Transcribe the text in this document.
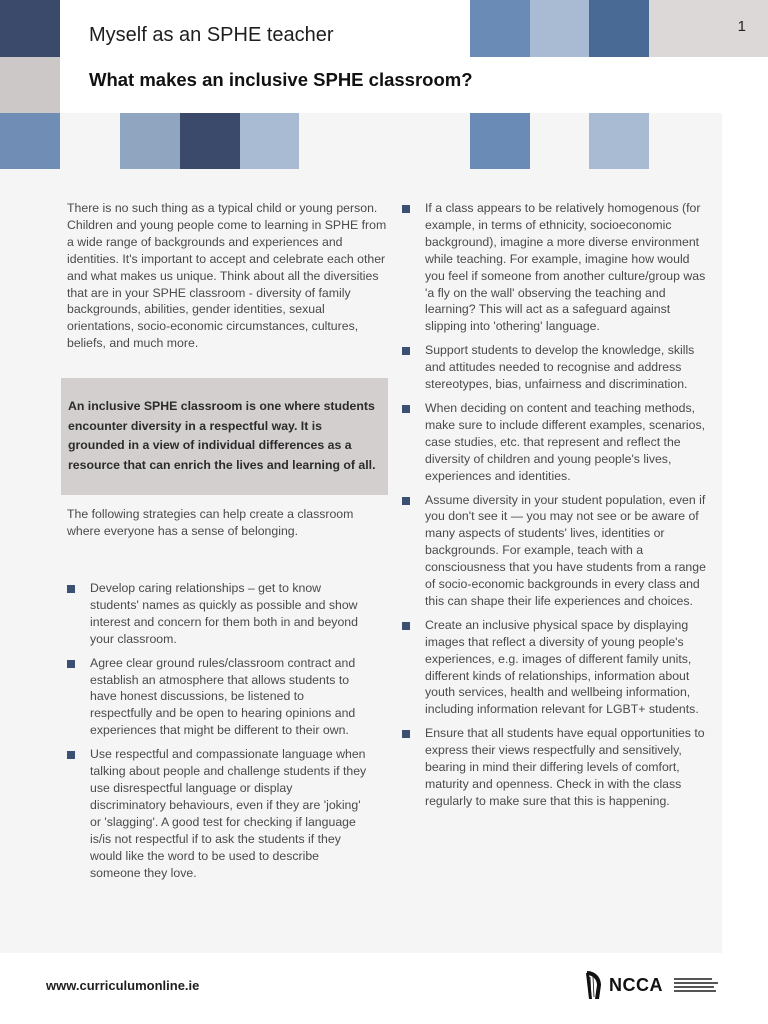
1
Myself as an SPHE teacher
What makes an inclusive SPHE classroom?

There is no such thing as a typical child or young person. Children and young people come to learning in SPHE from a wide range of backgrounds and experiences and identities. It's important to accept and celebrate each other and what makes us unique. Think about all the diversities that are in your SPHE classroom - diversity of family backgrounds, abilities, gender identities, sexual orientations, socio-economic circumstances, cultures, beliefs, and much more.

An inclusive SPHE classroom is one where students encounter diversity in a respectful way. It is grounded in a view of individual differences as a resource that can enrich the lives and learning of all.

The following strategies can help create a classroom where everyone has a sense of belonging.

Develop caring relationships – get to know students' names as quickly as possible and show interest and concern for them both in and beyond your classroom.
Agree clear ground rules/classroom contract and establish an atmosphere that allows students to have honest discussions, be listened to respectfully and be open to hearing opinions and experiences that might be different to their own.
Use respectful and compassionate language when talking about people and challenge students if they use disrespectful language or display discriminatory behaviours, even if they are 'joking' or 'slagging'. A good test for checking if language is/is not respectful if to ask the students if they would like the word to be used to describe someone they love.
If a class appears to be relatively homogenous (for example, in terms of ethnicity, socioeconomic background), imagine a more diverse environment while teaching. For example, imagine how would you feel if someone from another culture/group was 'a fly on the wall' observing the teaching and learning? This will act as a safeguard against slipping into 'othering' language.
Support students to develop the knowledge, skills and attitudes needed to recognise and address stereotypes, bias, unfairness and discrimination.
When deciding on content and teaching methods, make sure to include different examples, scenarios, case studies, etc. that represent and reflect the diversity of children and young people's lives, experiences and identities.
Assume diversity in your student population, even if you don't see it — you may not see or be aware of many aspects of students' lives, identities or backgrounds. For example, teach with a consciousness that you have students from a range of socio-economic backgrounds in every class and this can shape their life experiences and choices.
Create an inclusive physical space by displaying images that reflect a diversity of young people's experiences, e.g. images of different family units, different kinds of relationships, information about youth services, health and wellbeing information, including information relevant for LGBT+ students.
Ensure that all students have equal opportunities to express their views respectfully and sensitively, bearing in mind their differing levels of comfort, maturity and openness. Check in with the class regularly to make sure that this is happening.
www.curriculumonline.ie	NCCA
